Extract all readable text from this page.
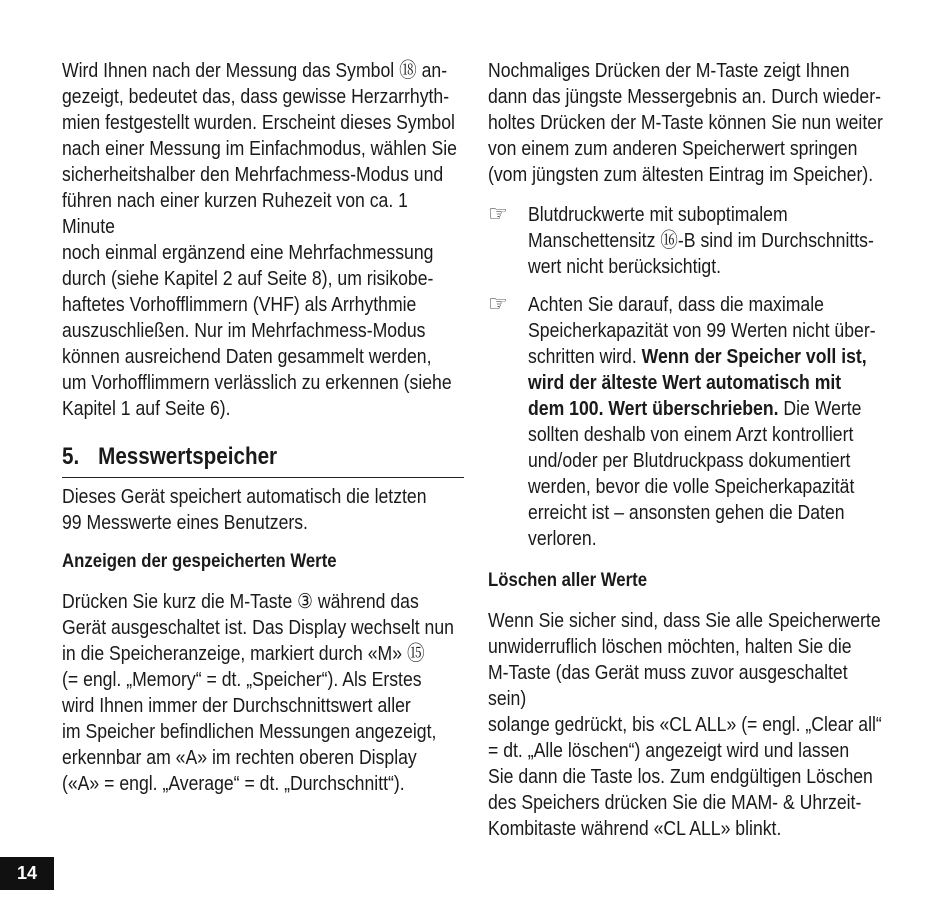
Wird Ihnen nach der Messung das Symbol ⑱ an-
gezeigt, bedeutet das, dass gewisse Herzarrhyth-
mien festgestellt wurden. Erscheint dieses Symbol
nach einer Messung im Einfachmodus, wählen Sie
sicherheitshalber den Mehrfachmess-Modus und
führen nach einer kurzen Ruhezeit von ca. 1 Minute
noch einmal ergänzend eine Mehrfachmessung
durch (siehe Kapitel 2 auf Seite 8), um risikobe-
haftetes Vorhofflimmern (VHF) als Arrhythmie
auszuschließen. Nur im Mehrfachmess-Modus
können ausreichend Daten gesammelt werden,
um Vorhofflimmern verlässlich zu erkennen (siehe
Kapitel 1 auf Seite 6).

5. Messwertspeicher

Dieses Gerät speichert automatisch die letzten
99 Messwerte eines Benutzers.

Anzeigen der gespeicherten Werte

Drücken Sie kurz die M-Taste ③ während das
Gerät ausgeschaltet ist. Das Display wechselt nun
in die Speicheranzeige, markiert durch «M» ⑮
(= engl. „Memory“ = dt. „Speicher“). Als Erstes
wird Ihnen immer der Durchschnittswert aller
im Speicher befindlichen Messungen angezeigt,
erkennbar am «A» im rechten oberen Display
(«A» = engl. „Average“ = dt. „Durchschnitt“).

Nochmaliges Drücken der M-Taste zeigt Ihnen
dann das jüngste Messergebnis an. Durch wieder-
holtes Drücken der M-Taste können Sie nun weiter
von einem zum anderen Speicherwert springen
(vom jüngsten zum ältesten Eintrag im Speicher).

☞ Blutdruckwerte mit suboptimalem
Manschettensitz ⑯-B sind im Durchschnitts-
wert nicht berücksichtigt.

☞ Achten Sie darauf, dass die maximale
Speicherkapazität von 99 Werten nicht über-
schritten wird. Wenn der Speicher voll ist,
wird der älteste Wert automatisch mit
dem 100. Wert überschrieben. Die Werte
sollten deshalb von einem Arzt kontrolliert
und/oder per Blutdruckpass dokumentiert
werden, bevor die volle Speicherkapazität
erreicht ist – ansonsten gehen die Daten
verloren.

Löschen aller Werte

Wenn Sie sicher sind, dass Sie alle Speicherwerte
unwiderruflich löschen möchten, halten Sie die
M-Taste (das Gerät muss zuvor ausgeschaltet sein)
solange gedrückt, bis «CL ALL» (= engl. „Clear all“
= dt. „Alle löschen“) angezeigt wird und lassen
Sie dann die Taste los. Zum endgültigen Löschen
des Speichers drücken Sie die MAM- & Uhrzeit-
Kombitaste während «CL ALL» blinkt.

14
